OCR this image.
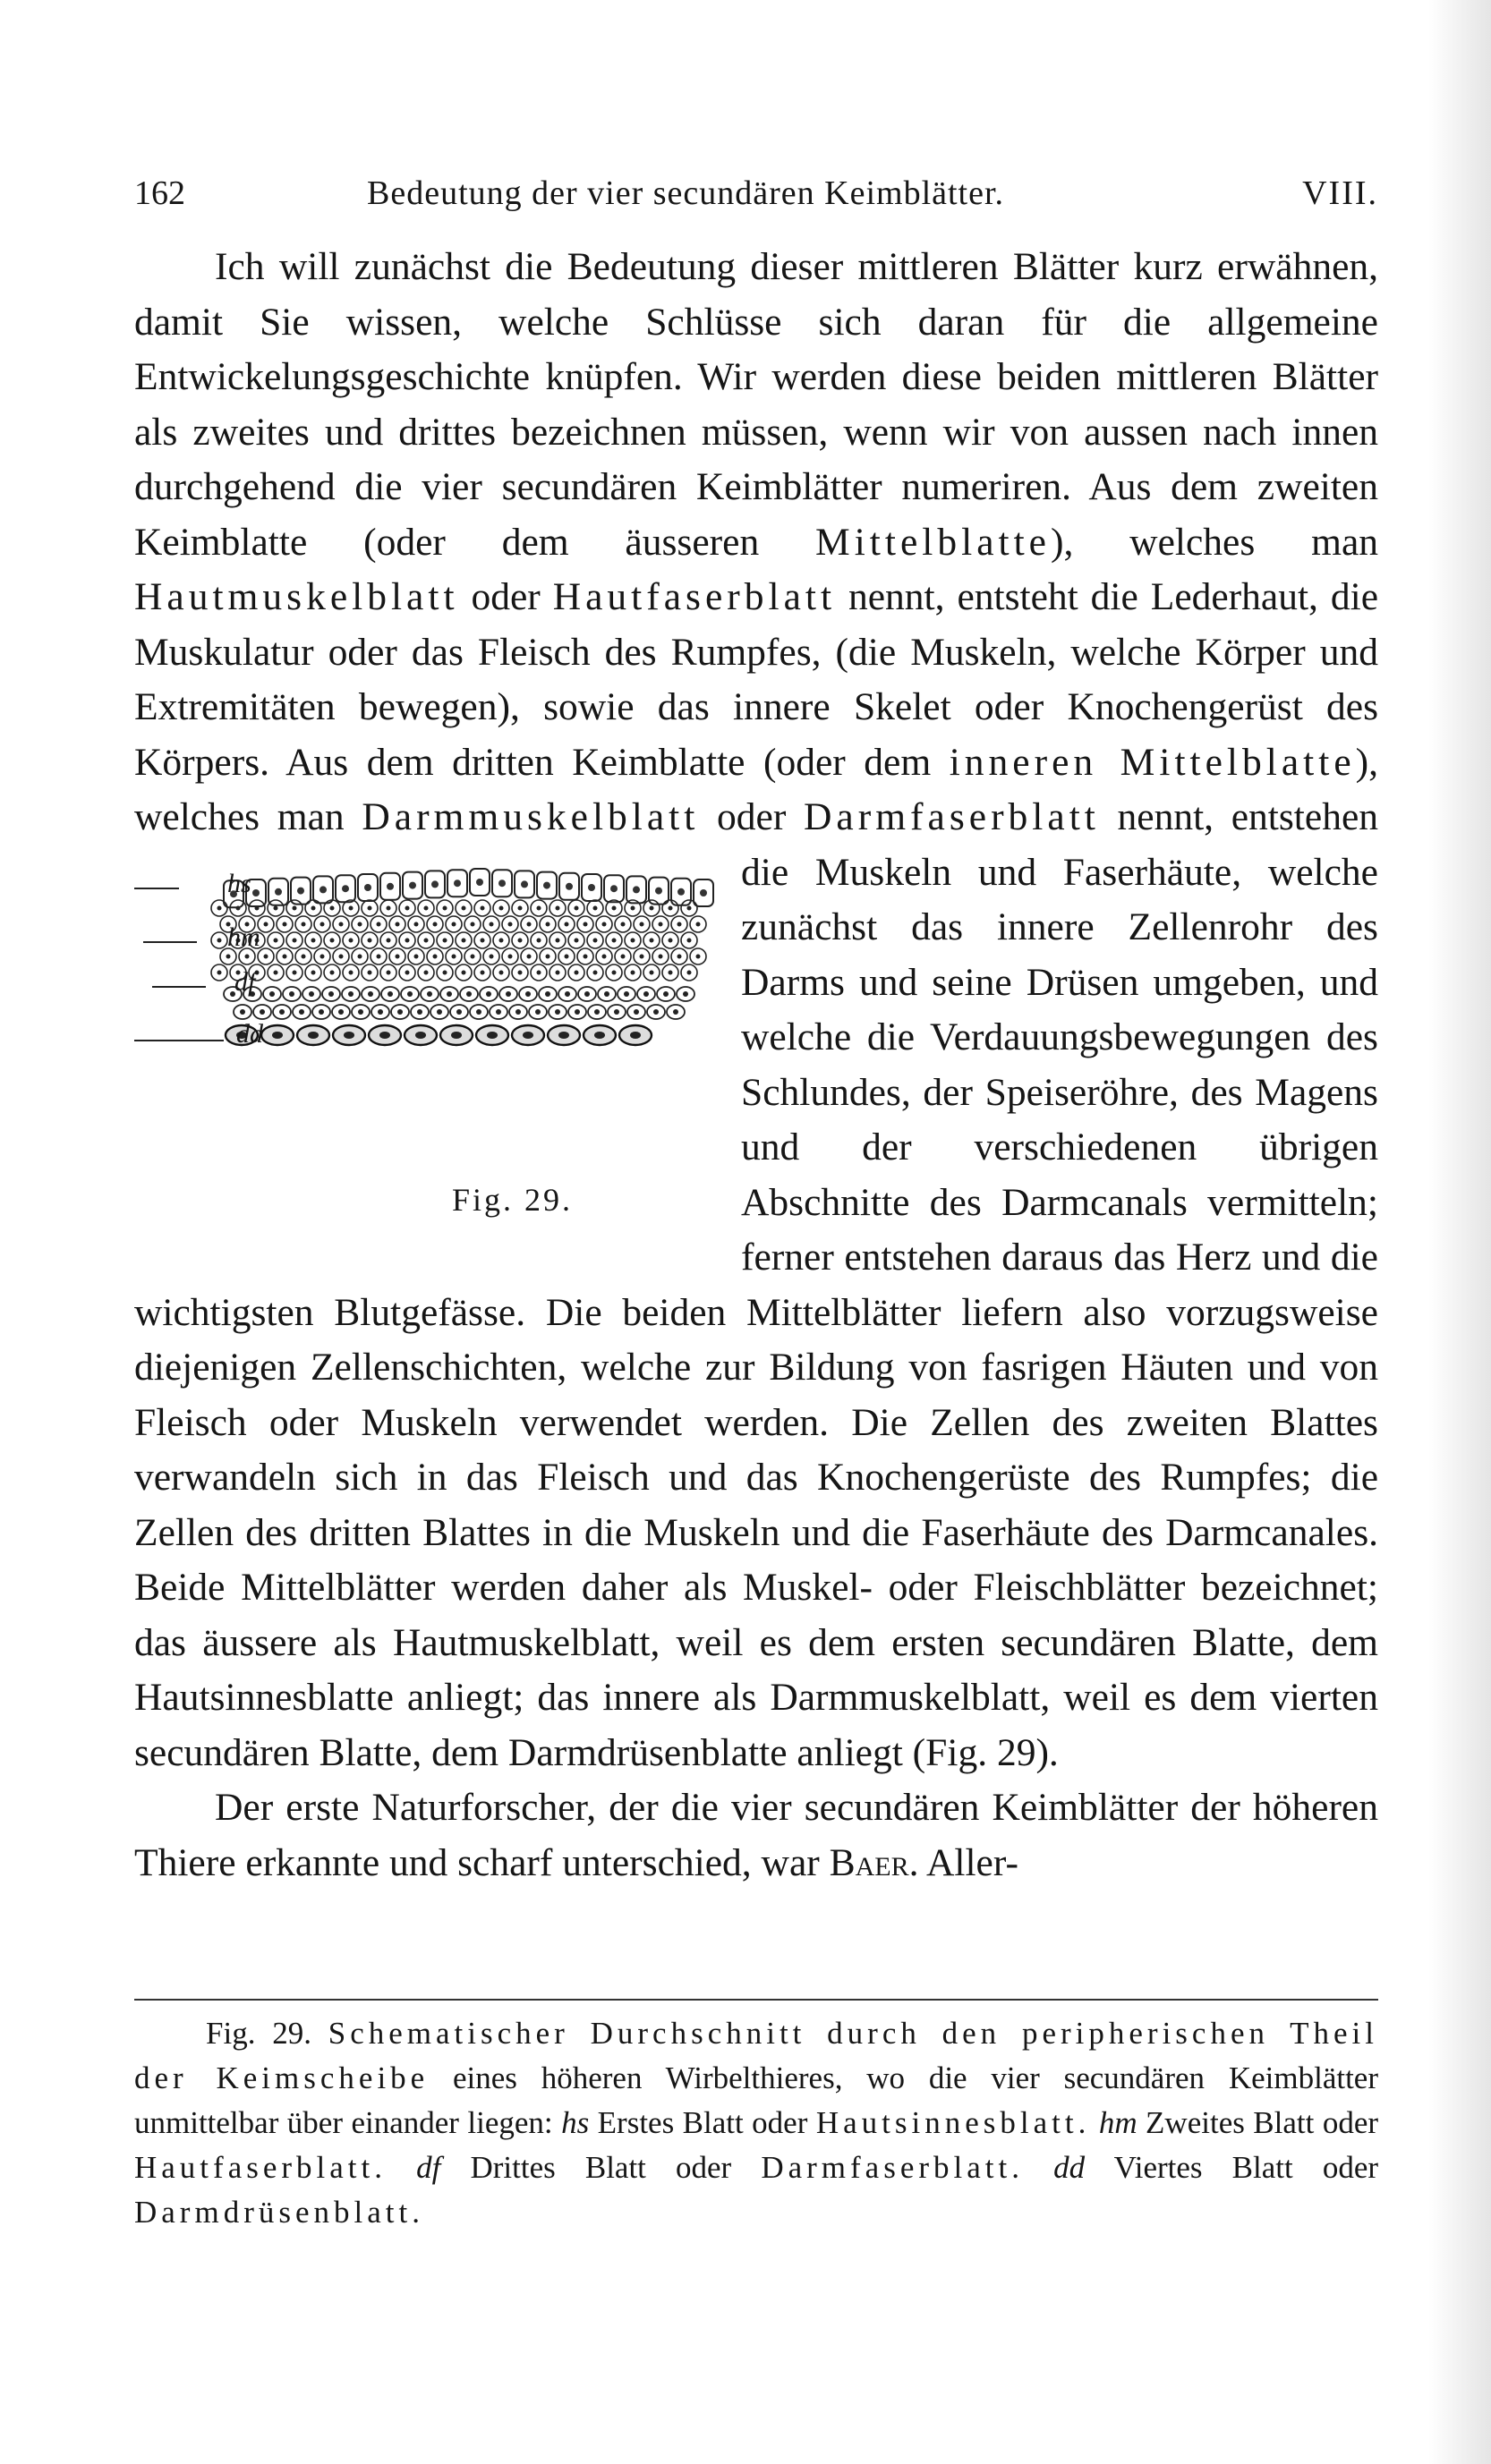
162	Bedeutung der vier secundären Keimblätter.	VIII.

Ich will zunächst die Bedeutung dieser mittleren Blätter kurz erwähnen, damit Sie wissen, welche Schlüsse sich daran für die allgemeine Entwickelungsgeschichte knüpfen. Wir werden diese beiden mittleren Blätter als zweites und drittes bezeichnen müssen, wenn wir von aussen nach innen durchgehend die vier secundären Keimblätter numeriren. Aus dem zweiten Keimblatte (oder dem äusseren Mittelblatte), welches man Hautmuskelblatt oder Hautfaserblatt nennt, entsteht die Lederhaut, die Muskulatur oder das Fleisch des Rumpfes, (die Muskeln, welche Körper und Extremitäten bewegen), sowie das innere Skelet oder Knochengerüst des Körpers. Aus dem dritten Keimblatte (oder dem inneren Mittelblatte), welches man Darmmuskelblatt oder Darmfaserblatt
hs
hm
df
dd
Fig. 29.
nennt, entstehen die Muskeln und Faserhäute, welche zunächst das innere Zellenrohr des Darms und seine Drüsen umgeben, und welche die Verdauungsbewegungen des Schlundes, der Speiseröhre, des Magens und der verschiedenen übrigen Abschnitte des Darmcanals vermitteln; ferner entstehen daraus das Herz und die wichtigsten Blutgefässe. Die beiden Mittelblätter liefern also vorzugsweise diejenigen Zellenschichten, welche zur Bildung von fasrigen Häuten und von Fleisch oder Muskeln verwendet werden. Die Zellen des zweiten Blattes verwandeln sich in das Fleisch und das Knochengerüste des Rumpfes; die Zellen des dritten Blattes in die Muskeln und die Faserhäute des Darmcanales. Beide Mittelblätter werden daher als Muskel- oder Fleischblätter bezeichnet; das äussere als Hautmuskelblatt, weil es dem ersten secundären Blatte, dem Hautsinnesblatte anliegt; das innere als Darmmuskelblatt, weil es dem vierten secundären Blatte, dem Darmdrüsenblatte anliegt (Fig. 29).

Der erste Naturforscher, der die vier secundären Keimblätter der höheren Thiere erkannte und scharf unterschied, war Baer. Aller-

Fig. 29. Schematischer Durchschnitt durch den peripherischen Theil der Keimscheibe eines höheren Wirbelthieres, wo die vier secundären Keimblätter unmittelbar über einander liegen: hs Erstes Blatt oder Hautsinnesblatt. hm Zweites Blatt oder Hautfaserblatt. df Drittes Blatt oder Darmfaserblatt. dd Viertes Blatt oder Darmdrüsenblatt.
